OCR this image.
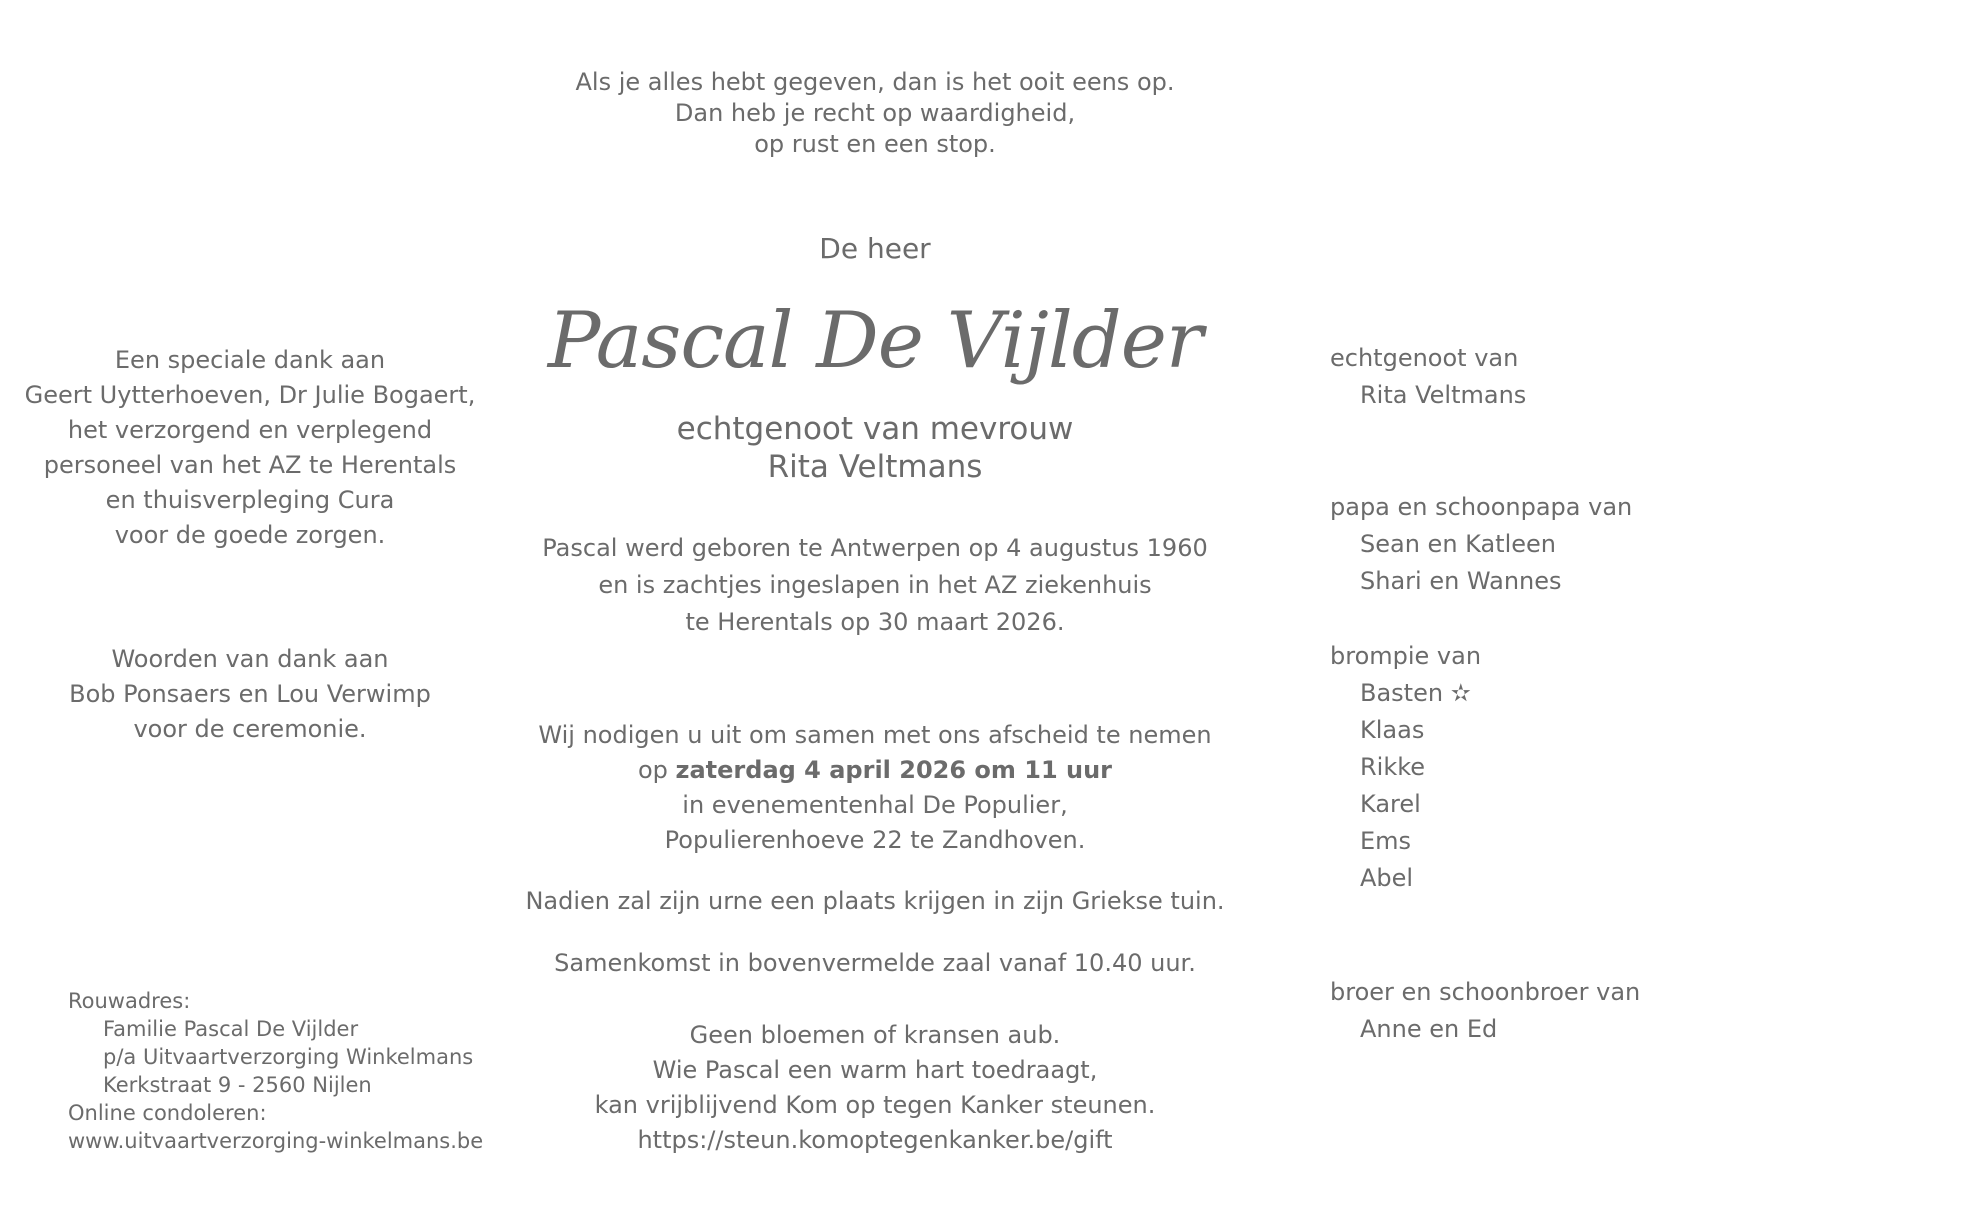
Als je alles hebt gegeven, dan is het ooit eens op.
Dan heb je recht op waardigheid,
op rust en een stop.
De heer
Pascal De Vijlder
echtgenoot van mevrouw
Rita Veltmans
Pascal werd geboren te Antwerpen op 4 augustus 1960
en is zachtjes ingeslapen in het AZ ziekenhuis
te Herentals op 30 maart 2026.
Wij nodigen u uit om samen met ons afscheid te nemen
op zaterdag 4 april 2026 om 11 uur
in evenementenhal De Populier,
Populierenhoeve 22 te Zandhoven.
Nadien zal zijn urne een plaats krijgen in zijn Griekse tuin.
Samenkomst in bovenvermelde zaal vanaf 10.40 uur.
Geen bloemen of kransen aub.
Wie Pascal een warm hart toedraagt,
kan vrijblijvend Kom op tegen Kanker steunen.
https://steun.komoptegenkanker.be/gift
Een speciale dank aan
Geert Uytterhoeven, Dr Julie Bogaert,
het verzorgend en verplegend
personeel van het AZ te Herentals
en thuisverpleging Cura
voor de goede zorgen.
Woorden van dank aan
Bob Ponsaers en Lou Verwimp
voor de ceremonie.
Rouwadres:
Familie Pascal De Vijlder
p/a Uitvaartverzorging Winkelmans
Kerkstraat 9 - 2560 Nijlen
Online condoleren:
www.uitvaartverzorging-winkelmans.be
echtgenoot van
Rita Veltmans
papa en schoonpapa van
Sean en Katleen
Shari en Wannes
brompie van
Basten ✫
Klaas
Rikke
Karel
Ems
Abel
broer en schoonbroer van
Anne en Ed
